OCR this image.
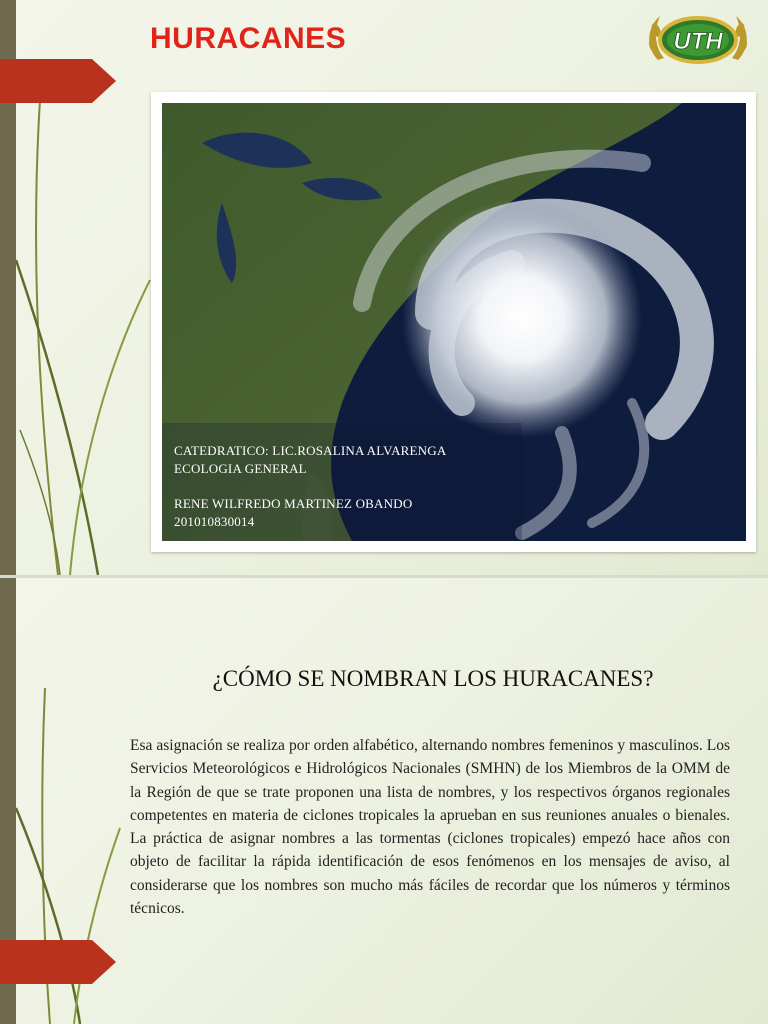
HURACANES	UTH
CATEDRATICO: LIC.ROSALINA ALVARENGA
ECOLOGIA GENERAL
RENE WILFREDO MARTINEZ OBANDO
201010830014
¿CÓMO SE NOMBRAN LOS HURACANES?

Esa asignación se realiza por orden alfabético, alternando nombres femeninos y masculinos. Los Servicios Meteorológicos e Hidrológicos Nacionales (SMHN) de los Miembros de la OMM de la Región de que se trate proponen una lista de nombres, y los respectivos órganos regionales competentes en materia de ciclones tropicales la aprueban en sus reuniones anuales o bienales. La práctica de asignar nombres a las tormentas (ciclones tropicales) empezó hace años con objeto de facilitar la rápida identificación de esos fenómenos en los mensajes de aviso, al considerarse que los nombres son mucho más fáciles de recordar que los números y términos técnicos.
